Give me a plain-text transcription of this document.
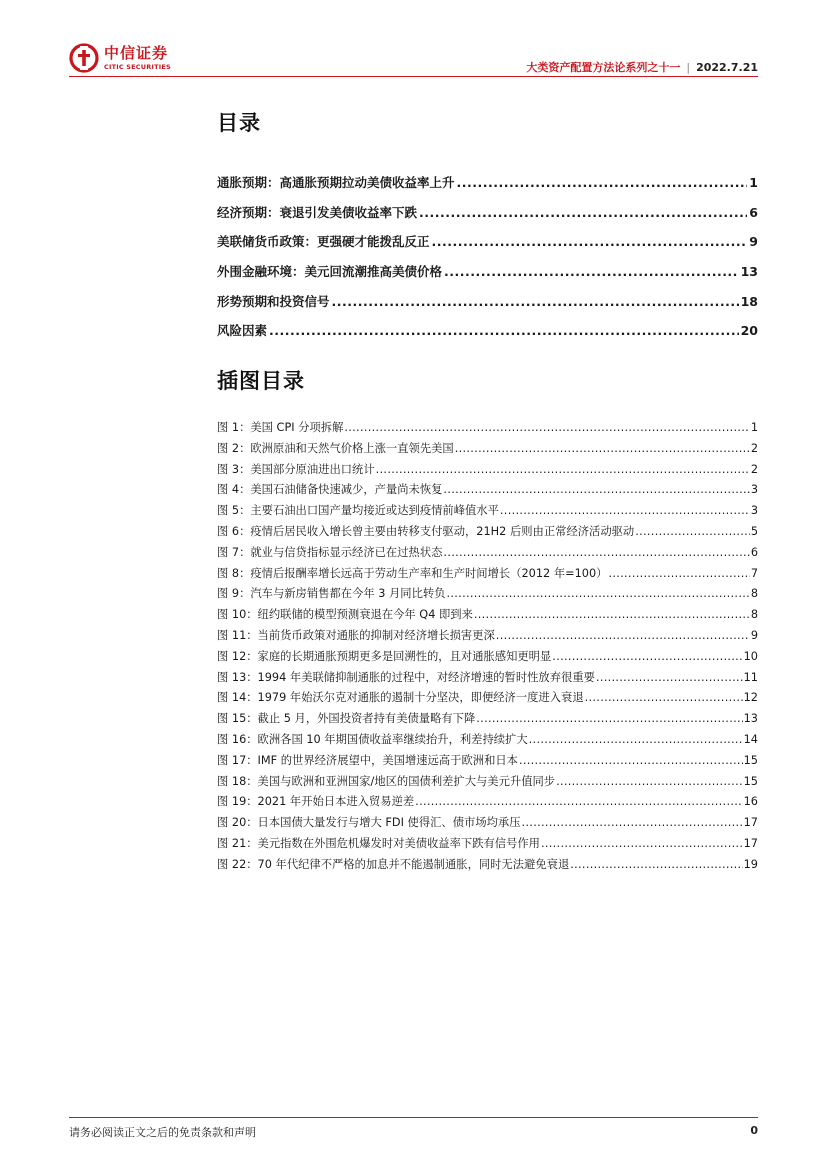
中信证券
CITIC SECURITIES	大类资产配置方法论系列之十一 | 2022.7.21
目录
通胀预期：高通胀预期拉动美债收益率上升 .....	1
经济预期：衰退引发美债收益率下跌 .....	6
美联储货币政策：更强硬才能拨乱反正 .....	9
外围金融环境：美元回流潮推高美债价格 .....	13
形势预期和投资信号 .....	18
风险因素 .....	20
插图目录
图 1：美国 CPI 分项拆解 .....	1
图 2：欧洲原油和天然气价格上涨一直领先美国 .....	2
图 3：美国部分原油进出口统计 .....	2
图 4：美国石油储备快速减少，产量尚未恢复 .....	3
图 5：主要石油出口国产量均接近或达到疫情前峰值水平 .....	3
图 6：疫情后居民收入增长曾主要由转移支付驱动，21H2 后则由正常经济活动驱动 .....	5
图 7：就业与信贷指标显示经济已在过热状态 .....	6
图 8：疫情后报酬率增长远高于劳动生产率和生产时间增长（2012 年=100） .....	7
图 9：汽车与新房销售都在今年 3 月同比转负 .....	8
图 10：纽约联储的模型预测衰退在今年 Q4 即到来 .....	8
图 11：当前货币政策对通胀的抑制对经济增长损害更深 .....	9
图 12：家庭的长期通胀预期更多是回溯性的，且对通胀感知更明显 .....	10
图 13：1994 年美联储抑制通胀的过程中，对经济增速的暂时性放弃很重要 .....	11
图 14：1979 年始沃尔克对通胀的遏制十分坚决，即便经济一度进入衰退 .....	12
图 15：截止 5 月，外国投资者持有美债量略有下降 .....	13
图 16：欧洲各国 10 年期国债收益率继续抬升，利差持续扩大 .....	14
图 17：IMF 的世界经济展望中，美国增速远高于欧洲和日本 .....	15
图 18：美国与欧洲和亚洲国家/地区的国债利差扩大与美元升值同步 .....	15
图 19：2021 年开始日本进入贸易逆差 .....	16
图 20：日本国债大量发行与增大 FDI 使得汇、债市场均承压 .....	17
图 21：美元指数在外围危机爆发时对美债收益率下跌有信号作用 .....	17
图 22：70 年代纪律不严格的加息并不能遏制通胀，同时无法避免衰退 .....	19
请务必阅读正文之后的免责条款和声明	0
